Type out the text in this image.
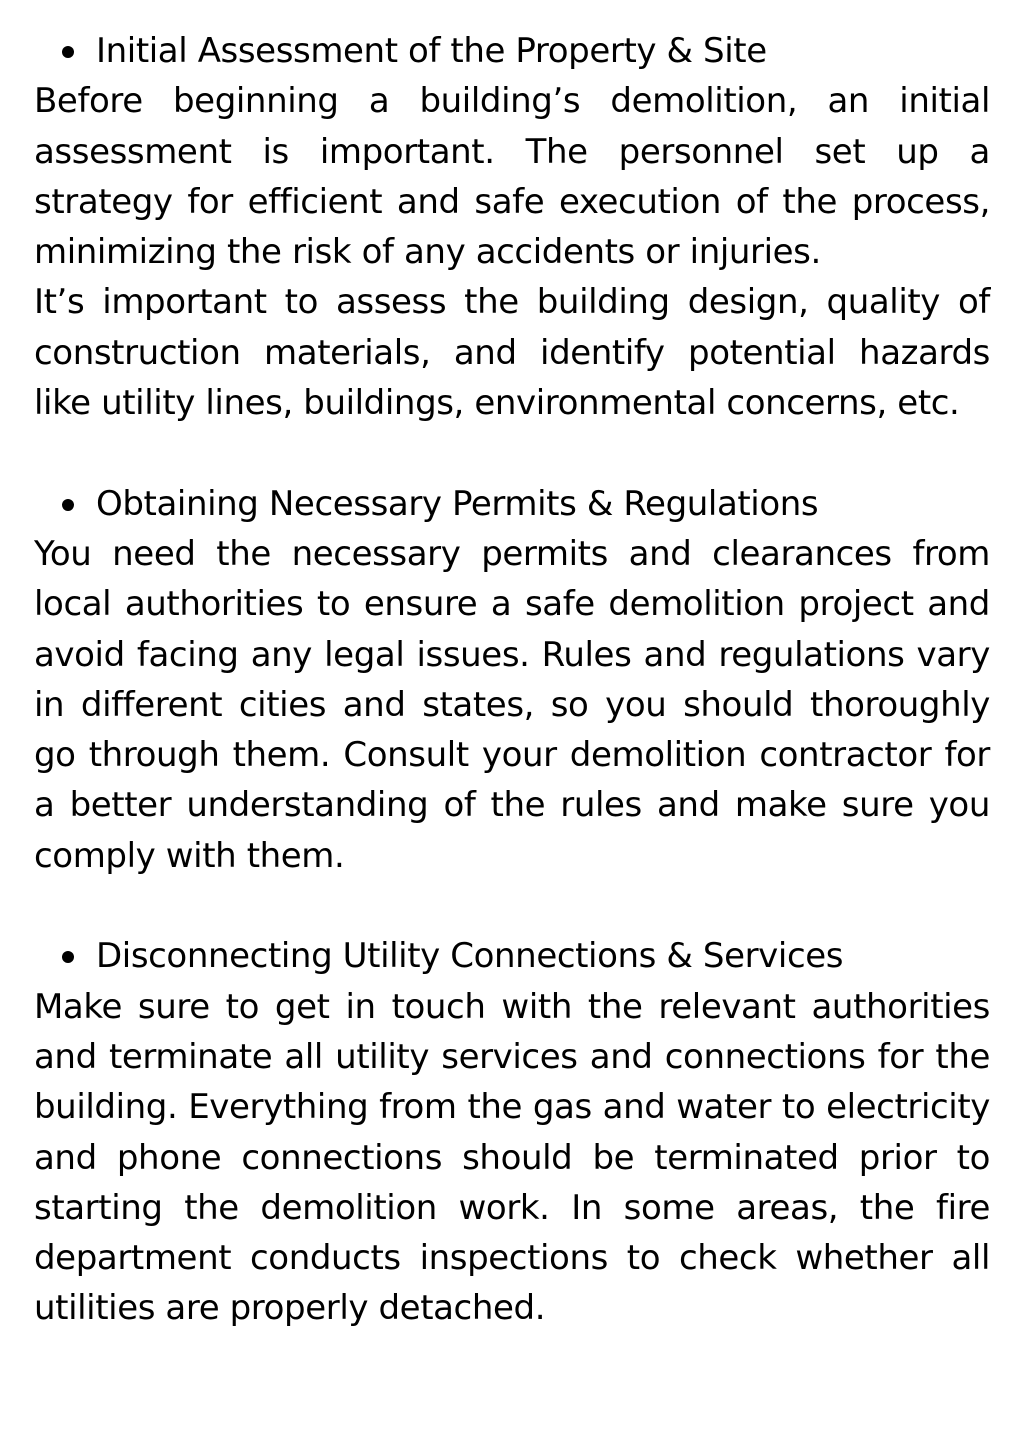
Initial Assessment of the Property & Site

Before beginning a building’s demolition, an initial assessment is important. The personnel set up a strategy for efficient and safe execution of the process, minimizing the risk of any accidents or injuries.

It’s important to assess the building design, quality of construction materials, and identify potential hazards like utility lines, buildings, environmental concerns, etc.

Obtaining Necessary Permits & Regulations

You need the necessary permits and clearances from local authorities to ensure a safe demolition project and avoid facing any legal issues. Rules and regulations vary in different cities and states, so you should thoroughly go through them. Consult your demolition contractor for a better understanding of the rules and make sure you comply with them.

Disconnecting Utility Connections & Services

Make sure to get in touch with the relevant authorities and terminate all utility services and connections for the building. Everything from the gas and water to electricity and phone connections should be terminated prior to starting the demolition work. In some areas, the fire department conducts inspections to check whether all utilities are properly detached.
